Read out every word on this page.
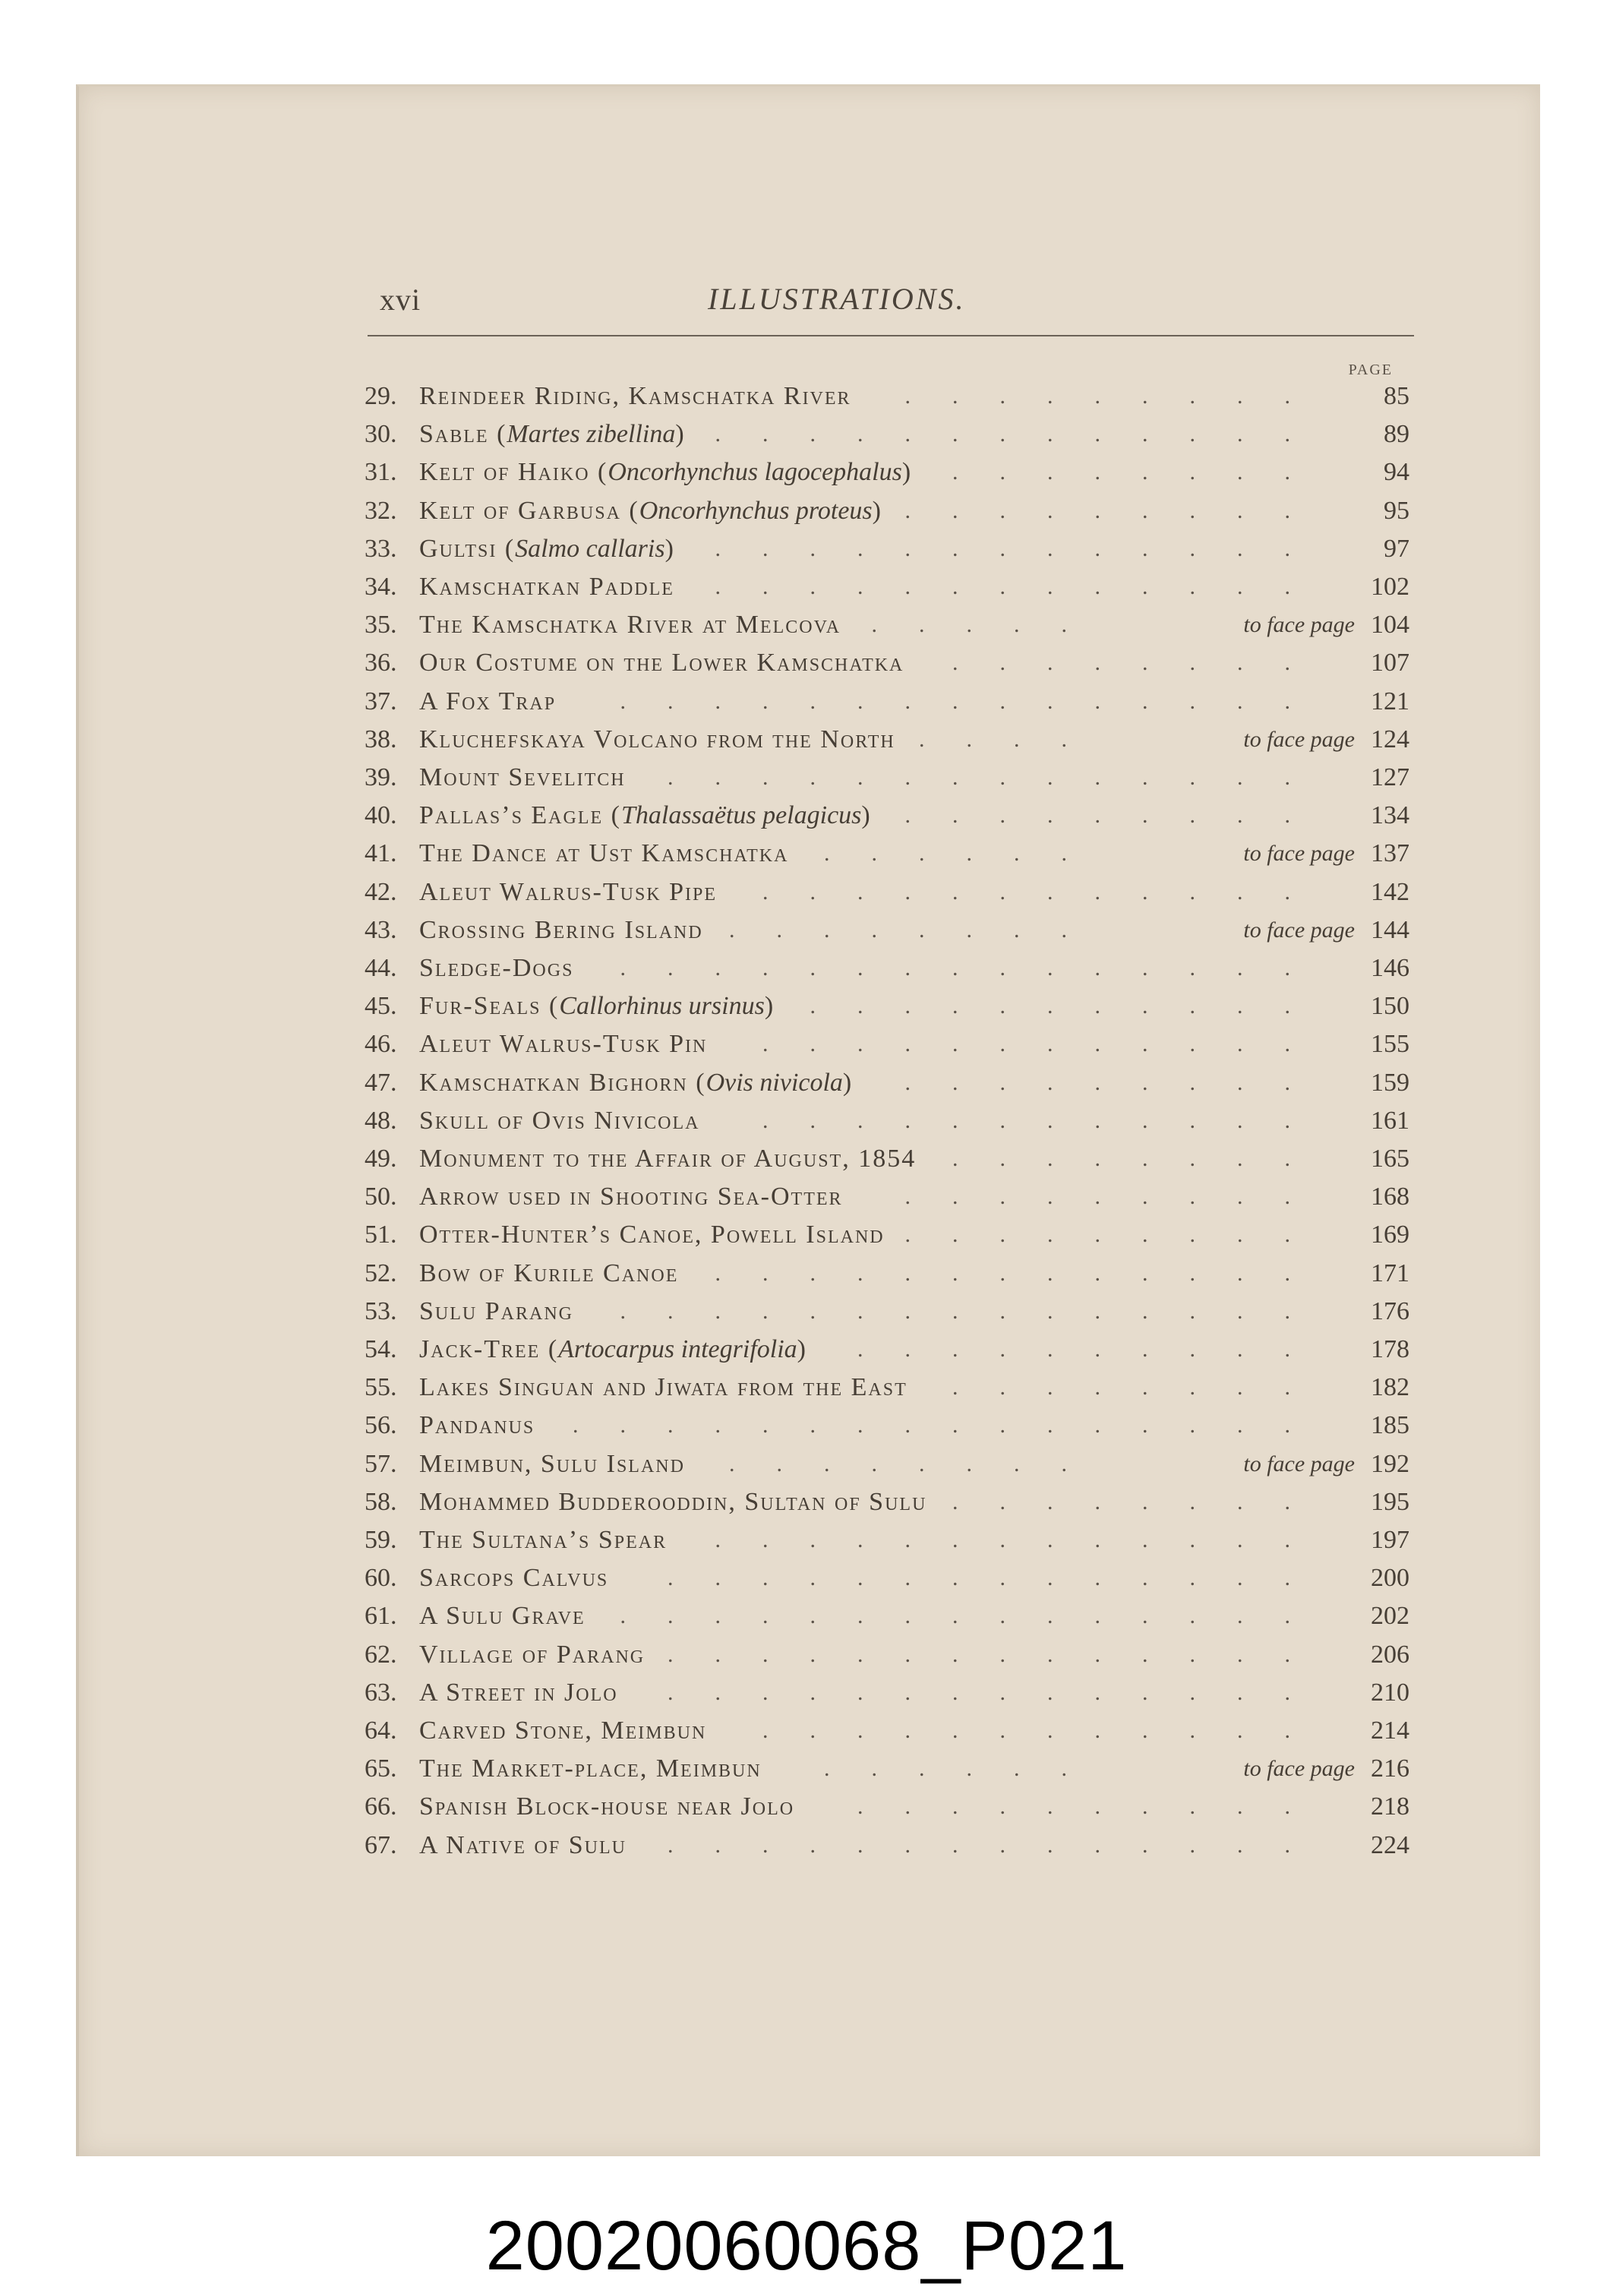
xvi	ILLUSTRATIONS.
PAGE
29. Reindeer Riding, Kamschatka River	85
.........
30. Sable (Martes zibellina)	89
.............
31. Kelt of Haiko (Oncorhynchus lagocephalus)	94
........
32. Kelt of Garbusa (Oncorhynchus proteus)	95
.........
33. Gultsi (Salmo callaris)	97
.............
34. Kamschatkan Paddle	102
.............
35. The Kamschatka River at Melcova	to face page 104
.....
36. Our Costume on the Lower Kamschatka	107
........
37. A Fox Trap	121
...............
38. Kluchefskaya Volcano from the North	to face page 124
....
39. Mount Sevelitch	127
..............
40. Pallas’s Eagle (Thalassaëtus pelagicus)	134
.........
41. The Dance at Ust Kamschatka	to face page 137
......
42. Aleut Walrus-Tusk Pipe	142
............
43. Crossing Bering Island	to face page 144
........
44. Sledge-Dogs	146
...............
45. Fur-Seals (Callorhinus ursinus)	150
...........
46. Aleut Walrus-Tusk Pin	155
............
47. Kamschatkan Bighorn (Ovis nivicola)	159
.........
48. Skull of Ovis Nivicola	161
............
49. Monument to the Affair of August, 1854	165
........
50. Arrow used in Shooting Sea-Otter	168
.........
51. Otter-Hunter’s Canoe, Powell Island	169
.........
52. Bow of Kurile Canoe	171
.............
53. Sulu Parang	176
...............
54. Jack-Tree (Artocarpus integrifolia)	178
..........
55. Lakes Singuan and Jiwata from the East	182
........
56. Pandanus	185
................
57. Meimbun, Sulu Island	to face page 192
........
58. Mohammed Budderooddin, Sultan of Sulu	195
........
59. The Sultana’s Spear	197
.............
60. Sarcops Calvus	200
..............
61. A Sulu Grave	202
...............
62. Village of Parang	206
..............
63. A Street in Jolo	210
..............
64. Carved Stone, Meimbun	214
............
65. The Market-place, Meimbun	to face page 216
......
66. Spanish Block-house near Jolo	218
..........
67. A Native of Sulu	224
..............
20020060068_P021
